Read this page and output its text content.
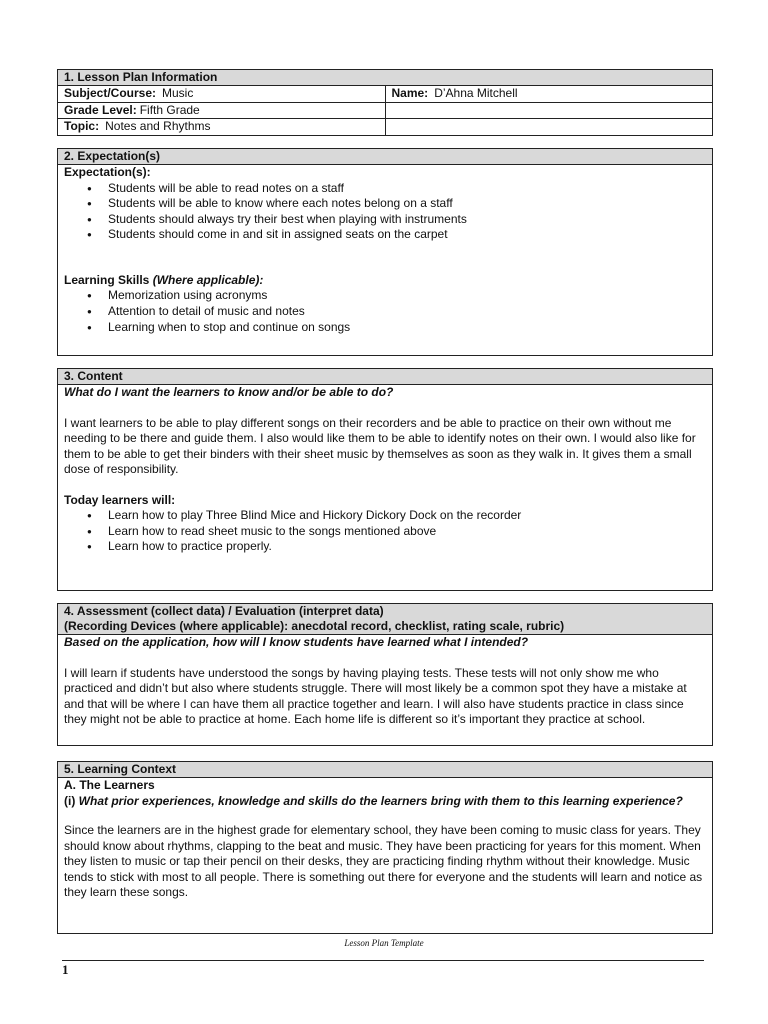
1. Lesson Plan Information
Subject/Course: Music	Name: D’Ahna Mitchell
Grade Level: Fifth Grade	
Topic: Notes and Rhythms	
2. Expectation(s)
Expectation(s):
● Students will be able to read notes on a staff
● Students will be able to know where each notes belong on a staff
● Students should always try their best when playing with instruments
● Students should come in and sit in assigned seats on the carpet
Learning Skills (Where applicable):
● Memorization using acronyms
● Attention to detail of music and notes
● Learning when to stop and continue on songs
3. Content
What do I want the learners to know and/or be able to do?
I want learners to be able to play different songs on their recorders and be able to practice on their own without me needing to be there and guide them. I also would like them to be able to identify notes on their own. I would also like for them to be able to get their binders with their sheet music by themselves as soon as they walk in. It gives them a small dose of responsibility.
Today learners will:
● Learn how to play Three Blind Mice and Hickory Dickory Dock on the recorder
● Learn how to read sheet music to the songs mentioned above
● Learn how to practice properly.
4. Assessment (collect data) / Evaluation (interpret data)
(Recording Devices (where applicable): anecdotal record, checklist, rating scale, rubric)
Based on the application, how will I know students have learned what I intended?
I will learn if students have understood the songs by having playing tests. These tests will not only show me who practiced and didn’t but also where students struggle. There will most likely be a common spot they have a mistake at and that will be where I can have them all practice together and learn. I will also have students practice in class since they might not be able to practice at home. Each home life is different so it’s important they practice at school.
5. Learning Context
A. The Learners
(i) What prior experiences, knowledge and skills do the learners bring with them to this learning experience?
Since the learners are in the highest grade for elementary school, they have been coming to music class for years. They should know about rhythms, clapping to the beat and music. They have been practicing for years for this moment. When they listen to music or tap their pencil on their desks, they are practicing finding rhythm without their knowledge. Music tends to stick with most to all people. There is something out there for everyone and the students will learn and notice as they learn these songs.
Lesson Plan Template
1
